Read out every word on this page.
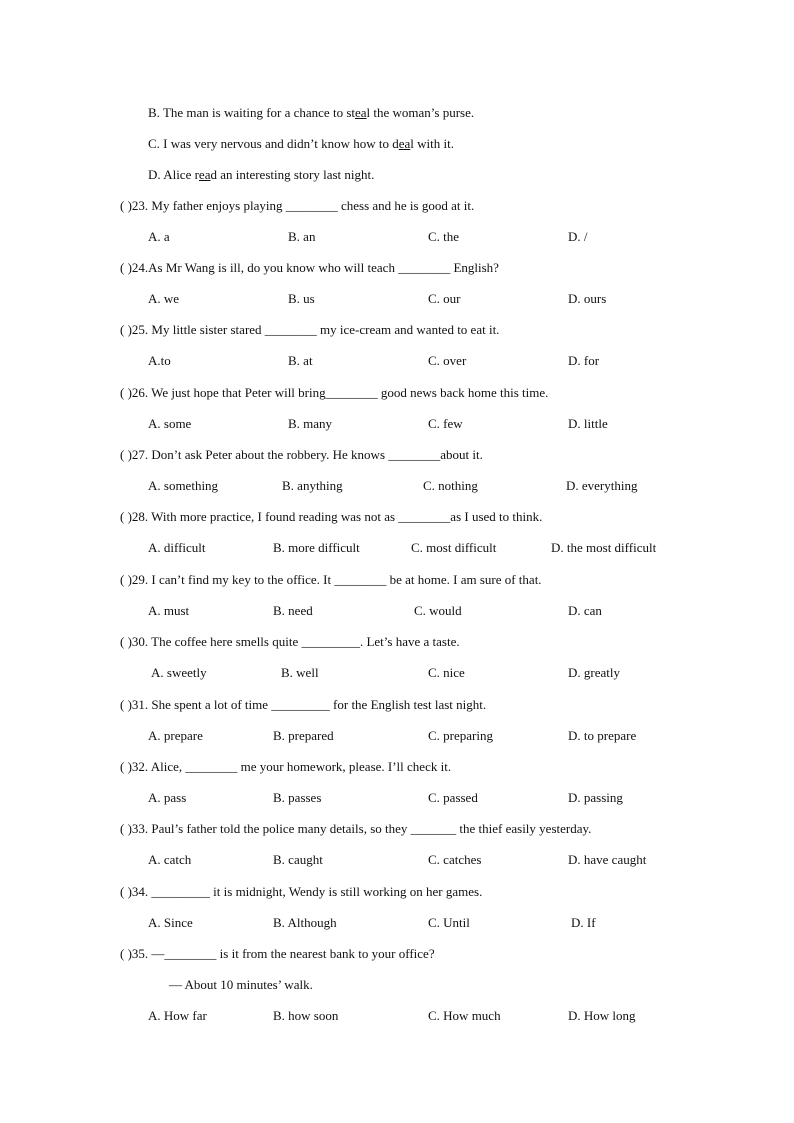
B. The man is waiting for a chance to steal the woman’s purse.
C. I was very nervous and didn’t know how to deal with it.
D. Alice read an interesting story last night.
( )23. My father enjoys playing ________ chess and he is good at it.
A. a	B. an	C. the	D. /
( )24.As Mr Wang is ill, do you know who will teach ________ English?
A. we	B. us	C. our	D. ours
( )25. My little sister stared ________ my ice-cream and wanted to eat it.
A.to	B. at	C. over	D. for
( )26. We just hope that Peter will bring________ good news back home this time.
A. some	B. many	C. few	D. little
( )27. Don’t ask Peter about the robbery. He knows ________about it.
A. something	B. anything	C. nothing	D. everything
( )28. With more practice, I found reading was not as ________as I used to think.
A. difficult	B. more difficult	C. most difficult	D. the most difficult
( )29. I can’t find my key to the office. It ________ be at home. I am sure of that.
A. must	B. need	C. would	D. can
( )30. The coffee here smells quite _________. Let’s have a taste.
A. sweetly	B. well	C. nice	D. greatly
( )31. She spent a lot of time _________ for the English test last night.
A. prepare	B. prepared	C. preparing	D. to prepare
( )32. Alice, ________ me your homework, please. I’ll check it.
A. pass	B. passes	C. passed	D. passing
( )33. Paul’s father told the police many details, so they _______ the thief easily yesterday.
A. catch	B. caught	C. catches	D. have caught
( )34. _________ it is midnight, Wendy is still working on her games.
A. Since	B. Although	C. Until	D. If
( )35. —________ is it from the nearest bank to your office?
— About 10 minutes’ walk.
A. How far	B. how soon	C. How much	D. How long
